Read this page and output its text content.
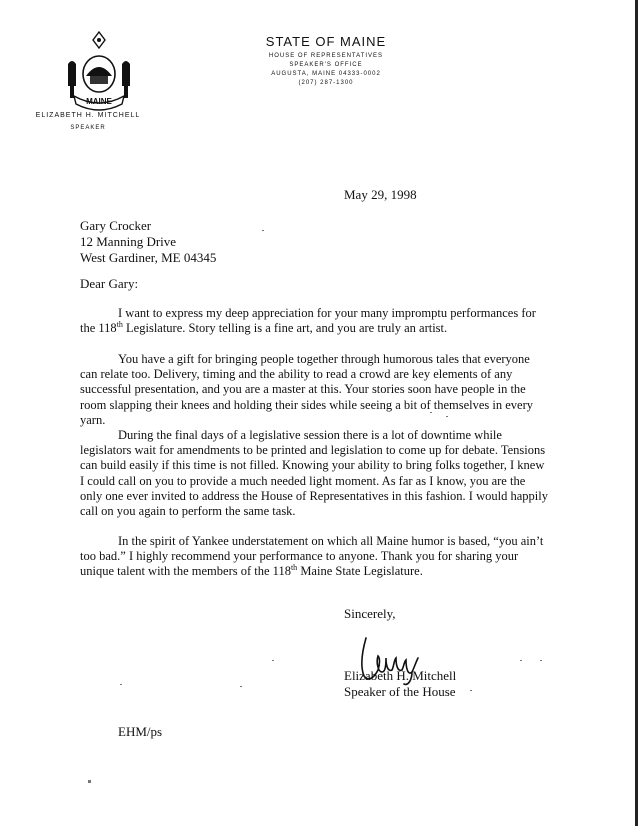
MAINE
ELIZABETH H. MITCHELL
SPEAKER
STATE OF MAINE
HOUSE OF REPRESENTATIVES
SPEAKER'S OFFICE
AUGUSTA, MAINE 04333-0002
(207) 287-1300
May 29, 1998
Gary Crocker
12 Manning Drive
West Gardiner, ME 04345
Dear Gary:

I want to express my deep appreciation for your many impromptu performances for the 118th Legislature. Story telling is a fine art, and you are truly an artist.

You have a gift for bringing people together through humorous tales that everyone can relate too. Delivery, timing and the ability to read a crowd are key elements of any successful presentation, and you are a master at this. Your stories soon have people in the room slapping their knees and holding their sides while seeing a bit of themselves in every yarn.

During the final days of a legislative session there is a lot of downtime while legislators wait for amendments to be printed and legislation to come up for debate. Tensions can build easily if this time is not filled. Knowing your ability to bring folks together, I knew I could call on you to provide a much needed light moment. As far as I know, you are the only one ever invited to address the House of Representatives in this fashion. I would happily call on you again to perform the same task.

In the spirit of Yankee understatement on which all Maine humor is based, “you ain’t too bad.” I highly recommend your performance to anyone. Thank you for sharing your unique talent with the members of the 118th Maine State Legislature.

Sincerely,
Elizabeth H. Mitchell
Speaker of the House
EHM/ps
